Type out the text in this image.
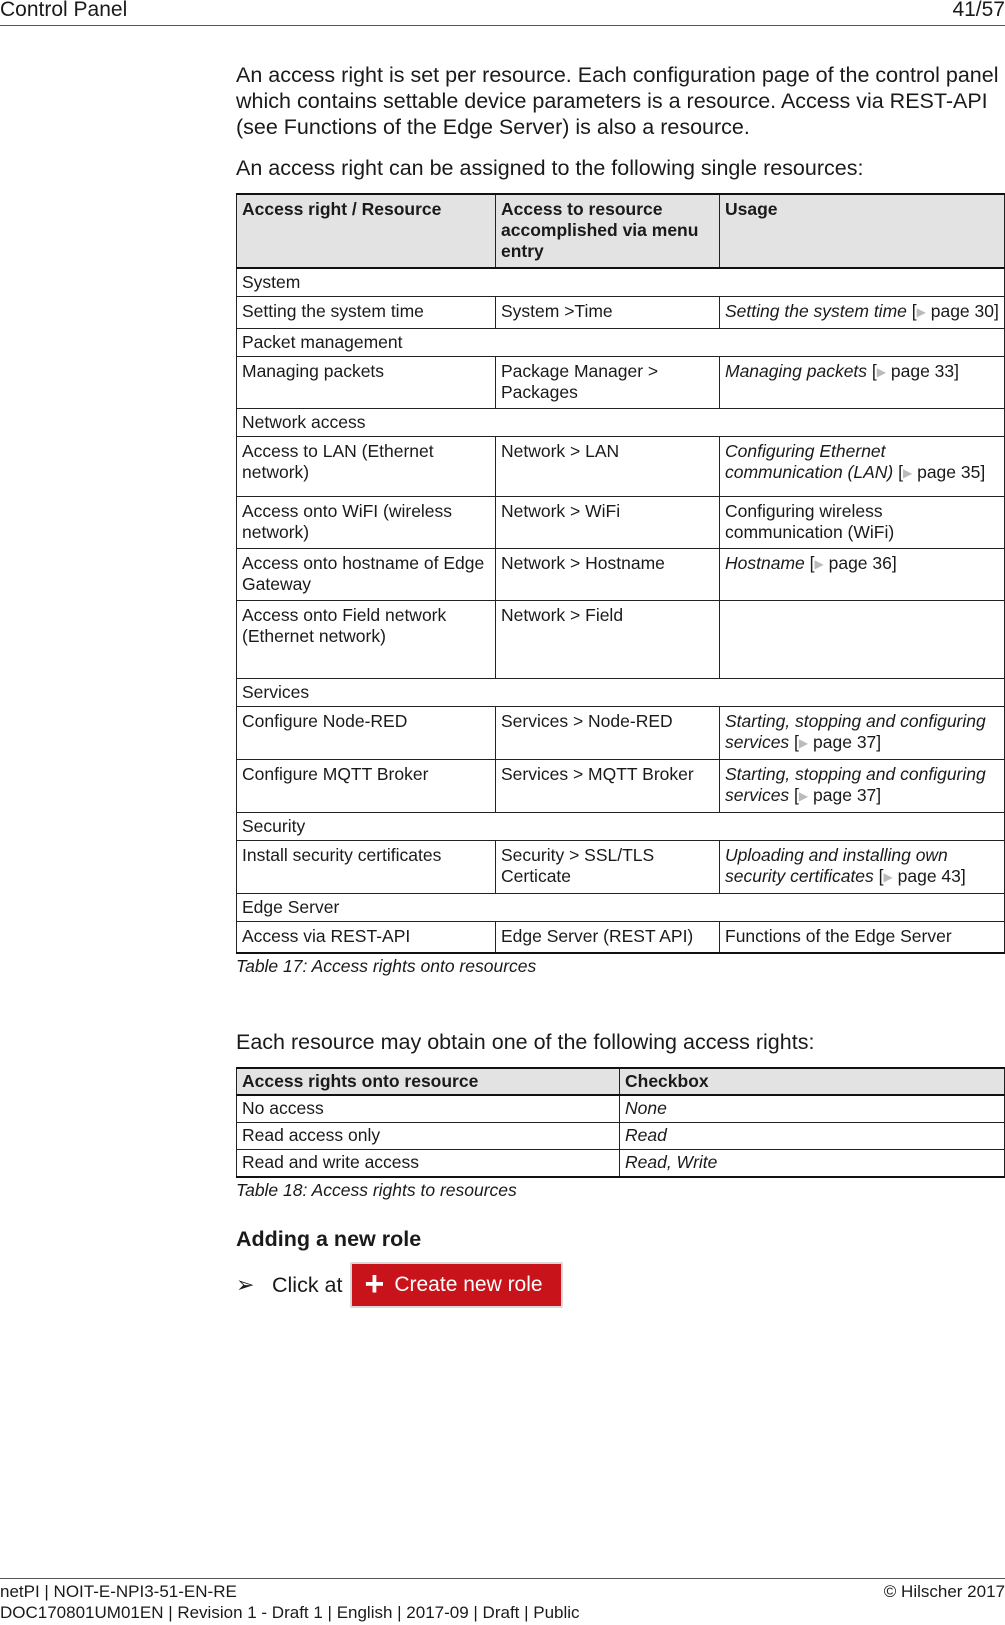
Control Panel	41/57

An access right is set per resource. Each configuration page of the control panel which contains settable device parameters is a resource. Access via REST-API (see Functions of the Edge Server) is also a resource.

An access right can be assigned to the following single resources:

Access right / Resource	Access to resource accomplished via menu entry	Usage
System		
Setting the system time	System >Time	Setting the system time [▶ page 30]
Packet management		
Managing packets	Package Manager > Packages	Managing packets [▶ page 33]
Network access		
Access to LAN (Ethernet network)	Network > LAN	Configuring Ethernet communication (LAN) [▶ page 35]
Access onto WiFI (wireless network)	Network > WiFi	Configuring wireless communication (WiFi)
Access onto hostname of Edge Gateway	Network > Hostname	Hostname [▶ page 36]
Access onto Field network (Ethernet network)	Network > Field	
Services		
Configure Node-RED	Services > Node-RED	Starting, stopping and configuring services [▶ page 37]
Configure MQTT Broker	Services > MQTT Broker	Starting, stopping and configuring services [▶ page 37]
Security		
Install security certificates	Security > SSL/TLS Certicate	Uploading and installing own security certificates [▶ page 43]
Edge Server		
Access via REST-API	Edge Server (REST API)	Functions of the Edge Server

Table 17: Access rights onto resources

Each resource may obtain one of the following access rights:

Access rights onto resource	Checkbox
No access	None
Read access only	Read
Read and write access	Read, Write

Table 18: Access rights to resources

Adding a new role

➢ Click at + Create new role
netPI | NOIT-E-NPI3-51-EN-RE
DOC170801UM01EN | Revision 1 - Draft 1 | English | 2017-09 | Draft | Public
© Hilscher 2017
